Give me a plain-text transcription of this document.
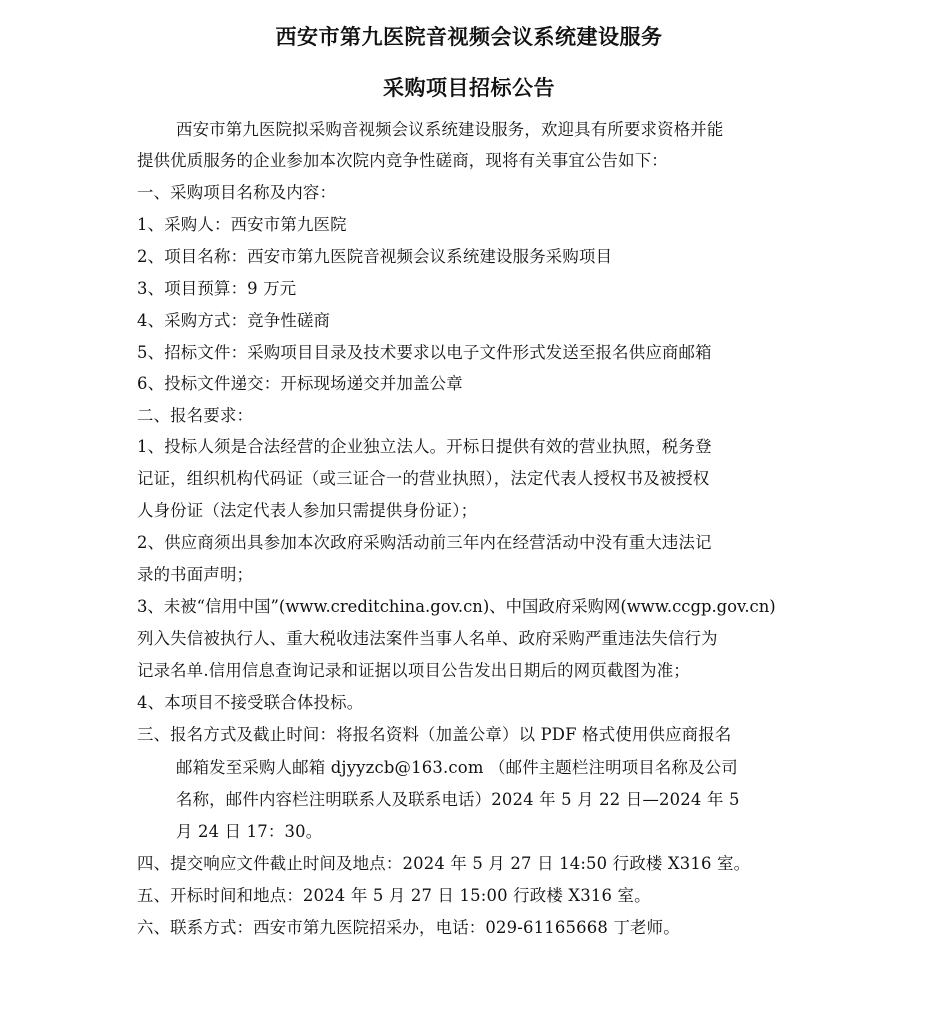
西安市第九医院音视频会议系统建设服务
采购项目招标公告
西安市第九医院拟采购音视频会议系统建设服务，欢迎具有所要求资格并能
提供优质服务的企业参加本次院内竞争性磋商，现将有关事宜公告如下：
一、采购项目名称及内容：
1、采购人：西安市第九医院
2、项目名称：西安市第九医院音视频会议系统建设服务采购项目
3、项目预算：9 万元
4、采购方式：竞争性磋商
5、招标文件：采购项目目录及技术要求以电子文件形式发送至报名供应商邮箱
6、投标文件递交：开标现场递交并加盖公章
二、报名要求：
1、投标人须是合法经营的企业独立法人。开标日提供有效的营业执照，税务登
记证，组织机构代码证（或三证合一的营业执照），法定代表人授权书及被授权
人身份证（法定代表人参加只需提供身份证）；
2、供应商须出具参加本次政府采购活动前三年内在经营活动中没有重大违法记
录的书面声明；
3、未被“信用中国”(www.creditchina.gov.cn)、中国政府采购网(www.ccgp.gov.cn)
列入失信被执行人、重大税收违法案件当事人名单、政府采购严重违法失信行为
记录名单.信用信息查询记录和证据以项目公告发出日期后的网页截图为准；
4、本项目不接受联合体投标。
三、报名方式及截止时间：将报名资料（加盖公章）以 PDF 格式使用供应商报名
邮箱发至采购人邮箱 djyyzcb@163.com （邮件主题栏注明项目名称及公司
名称，邮件内容栏注明联系人及联系电话）2024 年 5 月 22 日—2024 年 5
月 24 日 17：30。
四、提交响应文件截止时间及地点：2024 年 5 月 27 日 14:50 行政楼 X316 室。
五、开标时间和地点：2024 年 5 月 27 日 15:00 行政楼 X316 室。
六、联系方式：西安市第九医院招采办，电话：029-61165668 丁老师。
